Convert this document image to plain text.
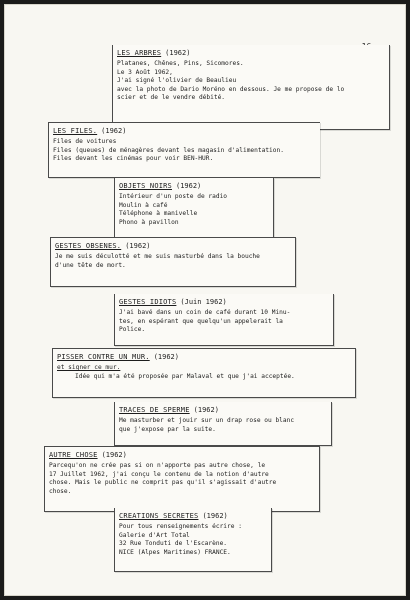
LES ARBRES (1962)
Platanes, Chênes, Pins, Sicomores.
Le 3 Août 1962,
J'ai signé l'olivier de Beaulieu
avec la photo de Dario Moréno en dessous. Je me propose de lo
scier et de le vendre débité.
LES FILES. (1962)
Files de voitures
Files (queues) de ménagères devant les magasin d'alimentation.
Files devant les cinémas pour voir BEN-HUR.
OBJETS NOIRS (1962)
Intérieur d'un poste de radio
Moulin à café
Téléphone à manivelle
Phono à pavillon
GESTES OBSENES. (1962)
Je me suis déculotté et me suis masturbé dans la bouche
d'une tête de mort.
GESTES IDIOTS (Juin 1962)
J'ai bavé dans un coin de café durant 10 Minu-
tes, en espérant que quelqu'un appelerait la
Police.
PISSER CONTRE UN MUR. (1962)
et signer ce mur.
Idée qui m'a été proposée par Malaval et que j'ai acceptée.
TRACES DE SPERME (1962)
Me masturber et jouir sur un drap rose ou blanc
que j'expose par la suite.
AUTRE CHOSE (1962)
Parcequ'on ne crée pas si on n'apporte pas autre chose, le
17 Juillet 1962, j'ai conçu le contenu de la notion d'autre
chose. Mais le public ne comprit pas qu'il s'agissait d'autre
chose.
CREATIONS SECRETES (1962)
Pour tous renseignements écrire :
Galerie d'Art Total
32 Rue Tonduti de l'Escarène.
NICE (Alpes Maritimes) FRANCE.
